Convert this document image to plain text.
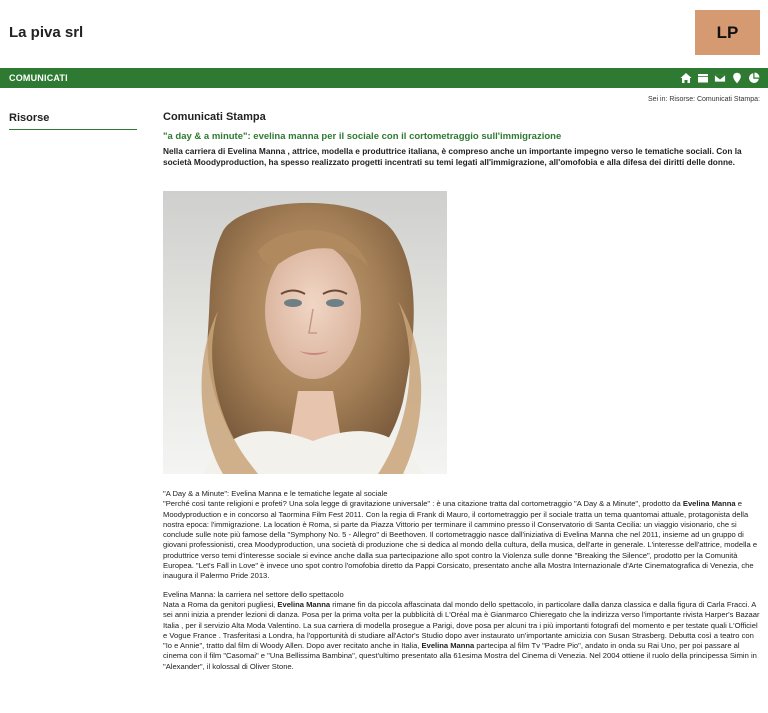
La piva srl	LP
COMUNICATI
Sei in: Risorse: Comunicati Stampa:
Risorse	Comunicati Stampa
"a day & a minute": evelina manna per il sociale con il cortometraggio sull'immigrazione
Nella carriera di Evelina Manna , attrice, modella e produttrice italiana, è compreso anche un importante impegno verso le tematiche sociali. Con la società Moodyproduction, ha spesso realizzato progetti incentrati su temi legati all'immigrazione, all'omofobia e alla difesa dei diritti delle donne.

"A Day & a Minute": Evelina Manna e le tematiche legate al sociale

"Perché così tante religioni e profeti? Una sola legge di gravitazione universale" : è una citazione tratta dal cortometraggio "A Day & a Minute", prodotto da Evelina Manna e Moodyproduction e in concorso al Taormina Film Fest 2011. Con la regia di Frank di Mauro, il cortometraggio per il sociale tratta un tema quantomai attuale, protagonista della nostra epoca: l'immigrazione. La location è Roma, si parte da Piazza Vittorio per terminare il cammino presso il Conservatorio di Santa Cecilia: un viaggio visionario, che si conclude sulle note più famose della "Symphony No. 5 - Allegro" di Beethoven. Il cortometraggio nasce dall'iniziativa di Evelina Manna che nel 2011, insieme ad un gruppo di giovani professionisti, crea Moodyproduction, una società di produzione che si dedica al mondo della cultura, della musica, dell'arte in generale. L'interesse dell'attrice, modella e produttrice verso temi d'interesse sociale si evince anche dalla sua partecipazione allo spot contro la Violenza sulle donne "Breaking the Silence", prodotto per la Comunità Europea. "Let's Fall in Love" è invece uno spot contro l'omofobia diretto da Pappi Corsicato, presentato anche alla Mostra Internazionale d'Arte Cinematografica di Venezia, che inaugura il Palermo Pride 2013.

Evelina Manna: la carriera nel settore dello spettacolo

Nata a Roma da genitori pugliesi, Evelina Manna rimane fin da piccola affascinata dal mondo dello spettacolo, in particolare dalla danza classica e dalla figura di Carla Fracci. A sei anni inizia a prender lezioni di danza. Posa per la prima volta per la pubblicità di L'Oréal ma è Gianmarco Chieregato che la indirizza verso l'importante rivista Harper's Bazaar Italia , per il servizio Alta Moda Valentino. La sua carriera di modella prosegue a Parigi, dove posa per alcuni tra i più importanti fotografi del momento e per testate quali L'Officiel e Vogue France . Trasferitasi a Londra, ha l'opportunità di studiare all'Actor's Studio dopo aver instaurato un'importante amicizia con Susan Strasberg. Debutta così a teatro con "Io e Annie", tratto dal film di Woody Allen. Dopo aver recitato anche in Italia, Evelina Manna partecipa al film Tv "Padre Pio", andato in onda su Rai Uno, per poi passare al cinema con il film "Casomai" e "Una Bellissima Bambina", quest'ultimo presentato alla 61esima Mostra del Cinema di Venezia. Nel 2004 ottiene il ruolo della principessa Simin in "Alexander", il kolossal di Oliver Stone.
